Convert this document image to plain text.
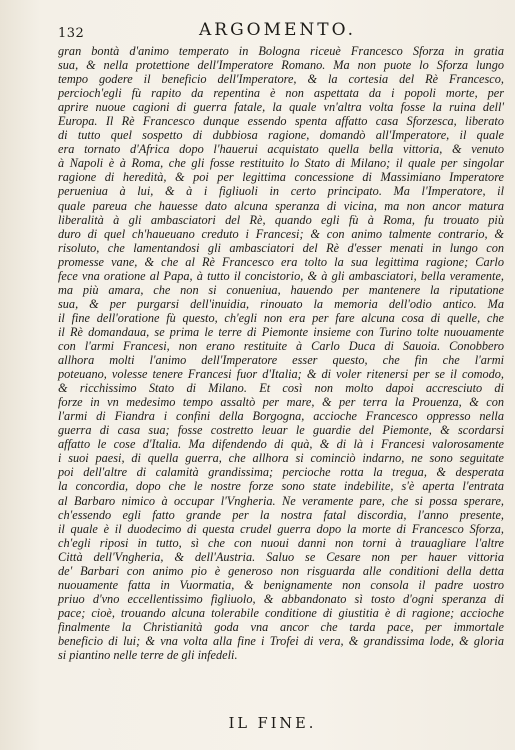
132	ARGOMENTO.
gran bontà d'animo temperato in Bologna riceuè Francesco Sforza in gratia
sua, & nella protettione dell'Imperatore Romano. Ma non puote lo Sforza lungo
tempo godere il beneficio dell'Imperatore, & la cortesia del Rè Francesco,
percioch'egli fù rapito da repentina è non aspettata da i popoli morte, per
aprire nuoue cagioni di guerra fatale, la quale vn'altra volta fosse la ruina dell'
Europa. Il Rè Francesco dunque essendo spenta affatto casa Sforzesca, liberato
di tutto quel sospetto di dubbiosa ragione, domandò all'Imperatore, il quale
era tornato d'Africa dopo l'hauerui acquistato quella bella vittoria, & venuto
à Napoli è à Roma, che gli fosse restituito lo Stato di Milano; il quale per singolar
ragione di heredità, & poi per legittima concessione di Massimiano Imperatore
perueniua à lui, & à i figliuoli in certo principato. Ma l'Imperatore, il
quale pareua che hauesse dato alcuna speranza di vicina, ma non ancor matura
liberalità à gli ambasciatori del Rè, quando egli fù à Roma, fu trouato più
duro di quel ch'haueuano creduto i Francesi; & con animo talmente contrario, &
risoluto, che lamentandosi gli ambasciatori del Rè d'esser menati in lungo con
promesse vane, & che al Rè Francesco era tolto la sua legittima ragione; Carlo
fece vna oratione al Papa, à tutto il concistorio, & à gli ambasciatori, bella veramente,
ma più amara, che non si conueniua, hauendo per mantenere la riputatione
sua, & per purgarsi dell'inuidia, rinouato la memoria dell'odio antico. Ma
il fine dell'oratione fù questo, ch'egli non era per fare alcuna cosa di quelle, che
il Rè domandaua, se prima le terre di Piemonte insieme con Turino tolte nuouamente
con l'armi Francesi, non erano restituite à Carlo Duca di Sauoia. Conobbero
allhora molti l'animo dell'Imperatore esser questo, che fin che l'armi
poteuano, volesse tenere Francesi fuor d'Italia; & di voler ritenersi per se il comodo,
& ricchissimo Stato di Milano. Et così non molto dapoi accresciuto di
forze in vn medesimo tempo assaltò per mare, & per terra la Prouenza, & con
l'armi di Fiandra i confini della Borgogna, accioche Francesco oppresso nella
guerra di casa sua; fosse costretto leuar le guardie del Piemonte, & scordarsi
affatto le cose d'Italia. Ma difendendo di quà, & di là i Francesi valorosamente
i suoi paesi, di quella guerra, che allhora si cominciò indarno, ne sono seguitate
poi dell'altre di calamità grandissima; percioche rotta la tregua, & desperata
la concordia, dopo che le nostre forze sono state indebilite, s'è aperta l'entrata
al Barbaro nimico à occupar l'Vngheria. Ne veramente pare, che si possa sperare,
ch'essendo egli fatto grande per la nostra fatal discordia, l'anno presente,
il quale è il duodecimo di questa crudel guerra dopo la morte di Francesco Sforza,
ch'egli riposi in tutto, sì che con nuoui danni non torni à trauagliare l'altre
Città dell'Vngheria, & dell'Austria. Saluo se Cesare non per hauer vittoria
de' Barbari con animo pio è generoso non risguarda alle conditioni della detta
nuouamente fatta in Vuormatia, & benignamente non consola il padre uostro
priuo d'vno eccellentissimo figliuolo, & abbandonato sì tosto d'ogni speranza di
pace; cioè, trouando alcuna tolerabile conditione di giustitia è di ragione; accioche
finalmente la Christianità goda vna ancor che tarda pace, per immortale
beneficio di lui; & vna volta alla fine i Trofei di vera, & grandissima lode, & gloria
si piantino nelle terre de gli infedeli.
IL FINE.
